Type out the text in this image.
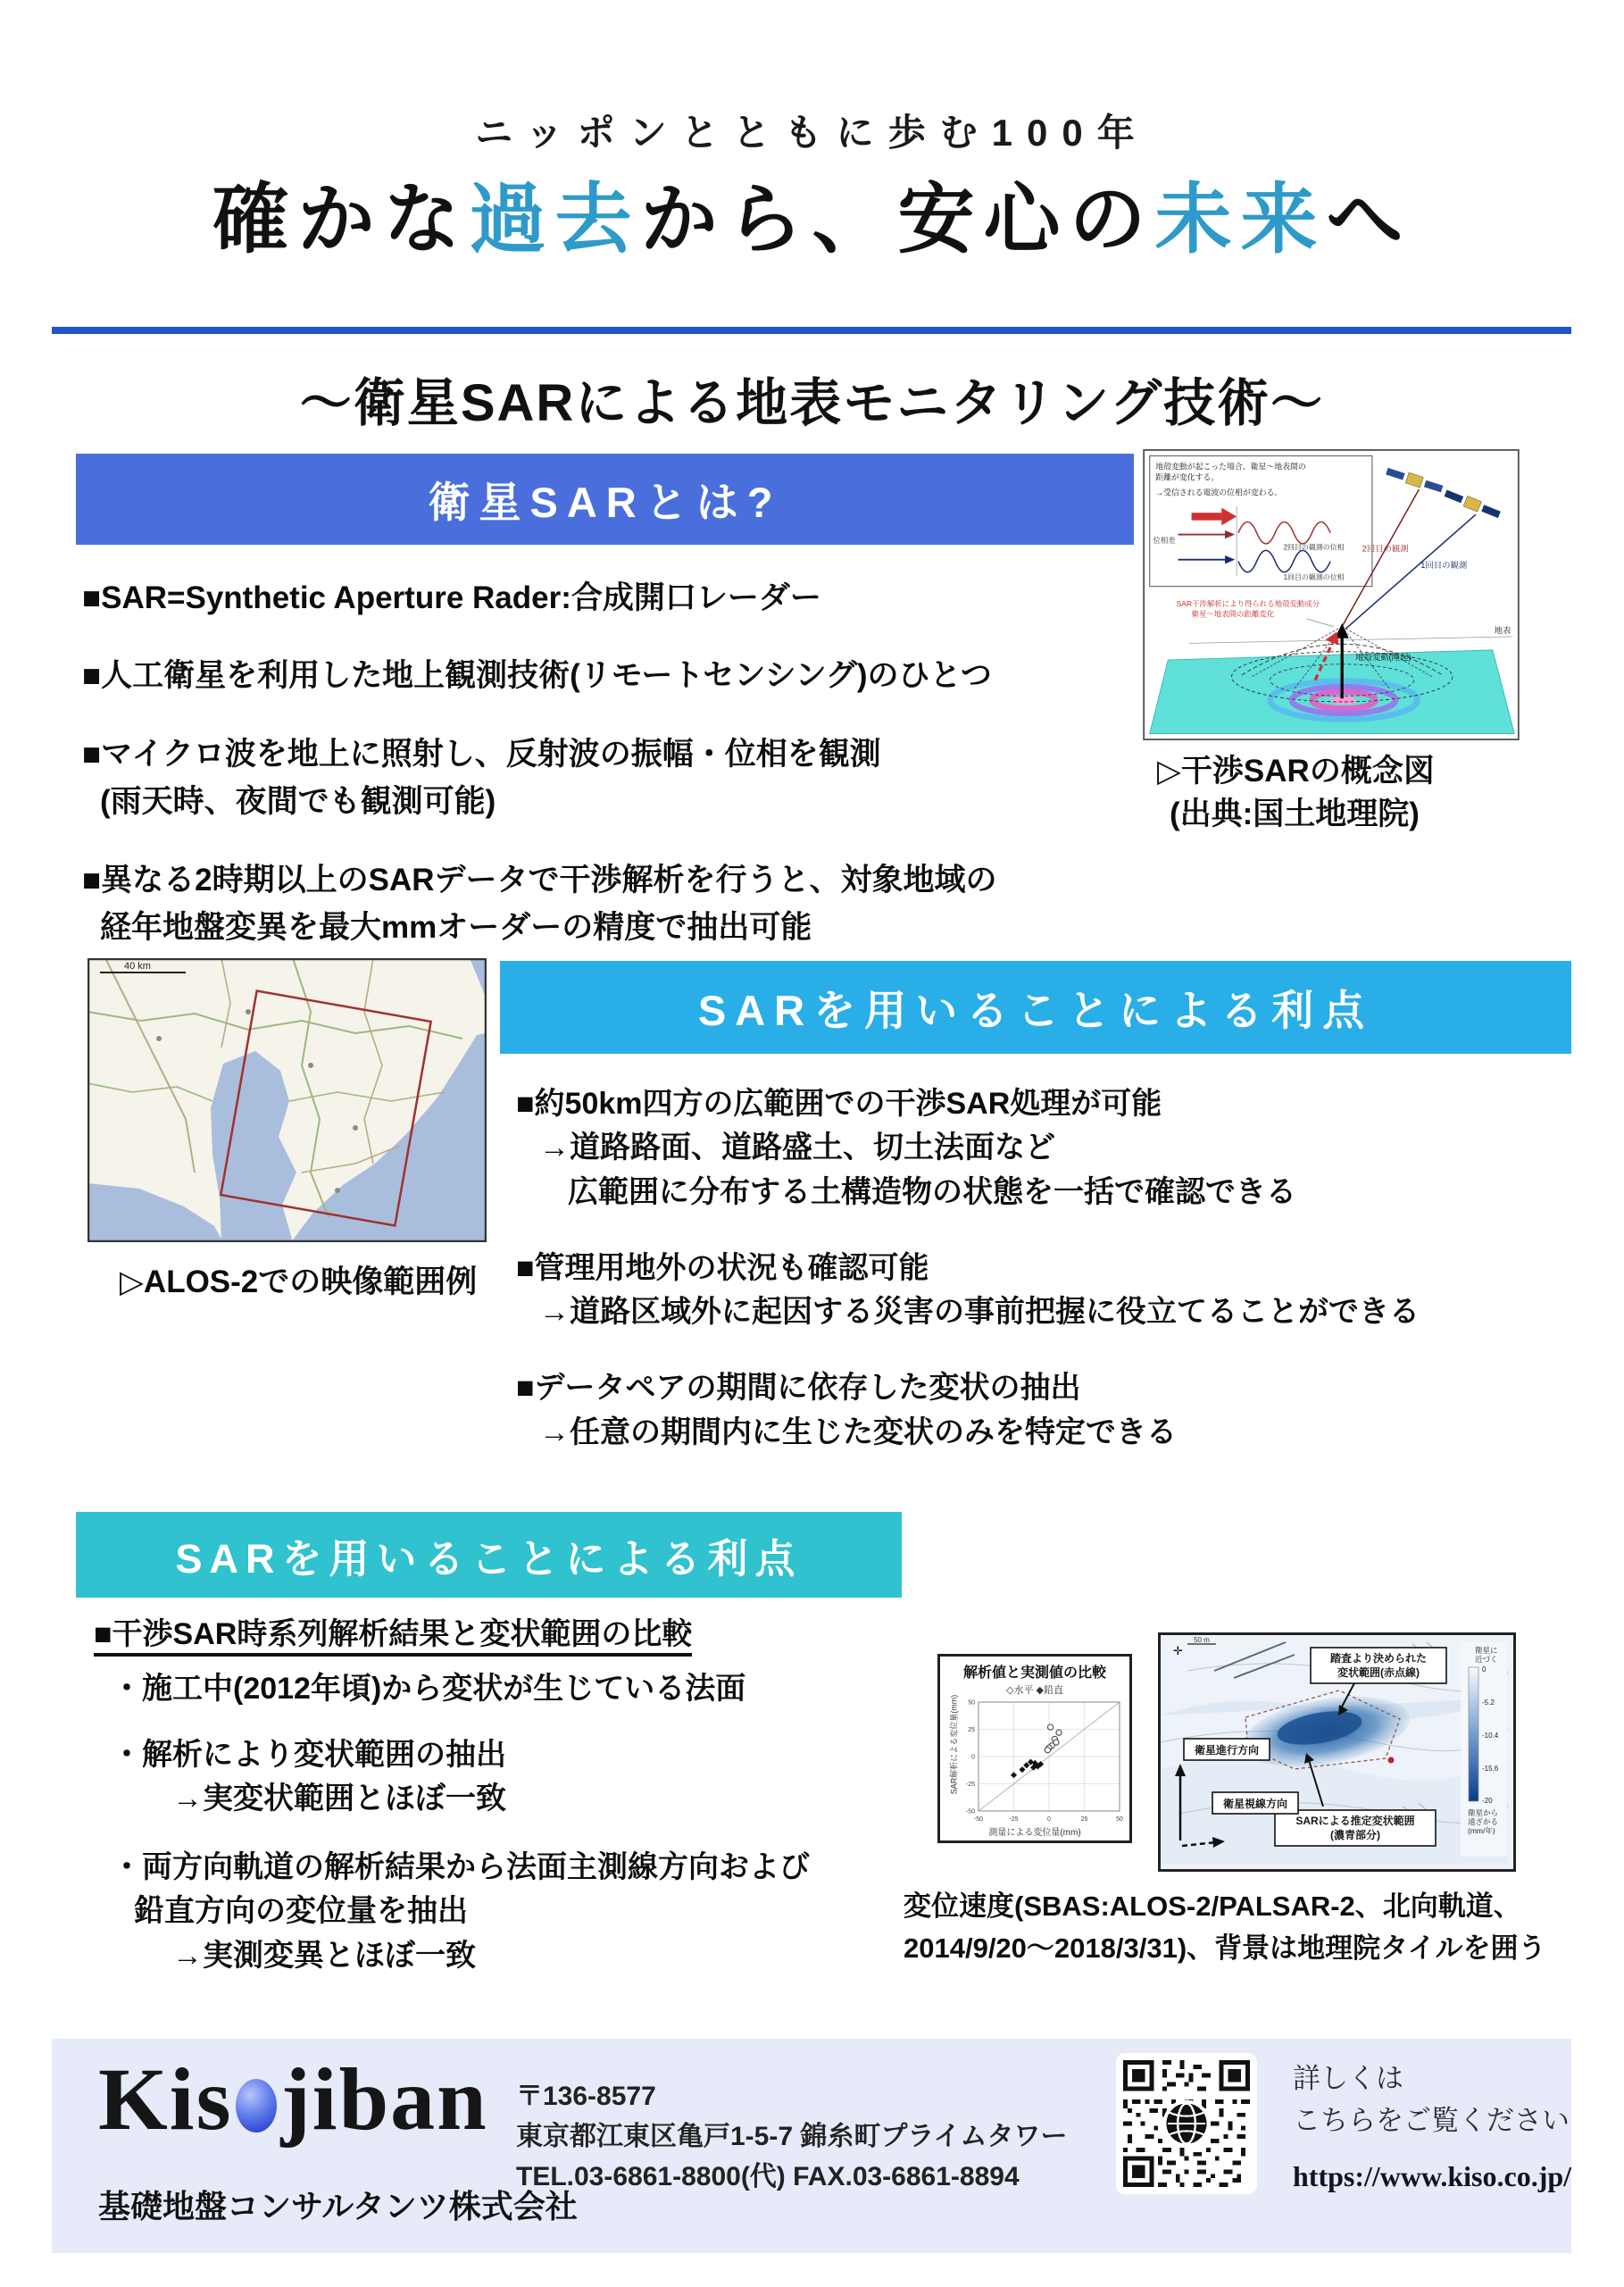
ニッポンとともに歩む100年
確かな過去から、安心の未来へ
〜衛星SARによる地表モニタリング技術〜
衛星SARとは?
■SAR=Synthetic Aperture Rader:合成開口レーダー
■人工衛星を利用した地上観測技術(リモートセンシング)のひとつ
■マイクロ波を地上に照射し、反射波の振幅・位相を観測
(雨天時、夜間でも観測可能)
■異なる2時期以上のSARデータで干渉解析を行うと、対象地域の
経年地盤変異を最大mmオーダーの精度で抽出可能
地殻変動が起こった場合、衛星〜地表間の
距離が変化する。
→受信される電波の位相が変わる。
位相差
2回目の観測の位相
1回目の観測の位相
2回目の観測
1回目の観測
SAR干渉解析により得られる地殻変動成分
衛星〜地表間の距離変化
地表
地殻変動(隆起)
▷干渉SARの概念図
(出典:国土地理院)
40 km
▷ALOS-2での映像範囲例
SARを用いることによる利点
■約50km四方の広範囲での干渉SAR処理が可能
→道路路面、道路盛土、切土法面など
広範囲に分布する土構造物の状態を一括で確認できる
■管理用地外の状況も確認可能
→道路区域外に起因する災害の事前把握に役立てることができる
■データペアの期間に依存した変状の抽出
→任意の期間内に生じた変状のみを特定できる
SARを用いることによる利点
■干渉SAR時系列解析結果と変状範囲の比較
・施工中(2012年頃)から変状が生じている法面
・解析により変状範囲の抽出
→実変状範囲とほぼ一致
・両方向軌道の解析結果から法面主測線方向および
鉛直方向の変位量を抽出
→実測変異とほぼ一致
解析値と実測値の比較
◇水平 ◆鉛直
-50
-50
-25
-25
0
0
25
25
50
50
測量による変位量(mm)
SAR解析による変位量(mm)
踏査より決められた
変状範囲(赤点線)
SARによる推定変状範囲
(濃青部分)
衛星進行方向
衛星視線方向
✛
50 m
衛星に
近づく
0
-5.2
-10.4
-15.6
-20
衛星から
遠ざかる
(mm/年)
変位速度(SBAS:ALOS-2/PALSAR-2、北向軌道、
2014/9/20〜2018/3/31)、背景は地理院タイルを囲う
Kis jiban
基礎地盤コンサルタンツ株式会社
〒136-8577
東京都江東区亀戸1-5-7 錦糸町プライムタワー
TEL.03-6861-8800(代) FAX.03-6861-8894
詳しくは
こちらをご覧ください
https://www.kiso.co.jp/
